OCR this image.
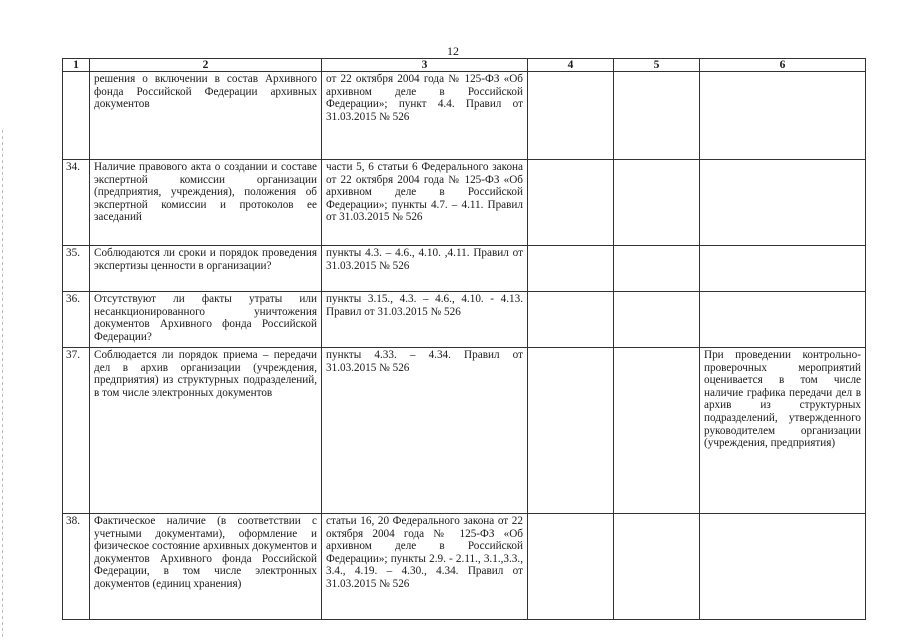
12
1	2	3	4	5	6
	решения о включении в состав Архивного фонда Российской Федерации архивных документов	от 22 октября 2004 года № 125-ФЗ «Об архивном деле в Российской Федерации»; пункт 4.4. Правил от 31.03.2015 № 526			
34.	Наличие правового акта о создании и составе экспертной комиссии организации (предприятия, учреждения), положения об экспертной комиссии и протоколов ее заседаний	части 5, 6 статьи 6 Федерального закона от 22 октября 2004 года № 125-ФЗ «Об архивном деле в Российской Федерации»; пункты 4.7. – 4.11. Правил от 31.03.2015 № 526			
35.	Соблюдаются ли сроки и порядок проведения экспертизы ценности в организации?	пункты 4.3. – 4.6., 4.10. ,4.11. Правил от 31.03.2015 № 526			
36.	Отсутствуют ли факты утраты или несанкционированного уничтожения документов Архивного фонда Российской Федерации?	пункты 3.15., 4.3. – 4.6., 4.10. - 4.13. Правил от 31.03.2015 № 526			
37.	Соблюдается ли порядок приема – передачи дел в архив организации (учреждения, предприятия) из структурных подразделений, в том числе электронных документов	пункты 4.33. – 4.34. Правил от 31.03.2015 № 526			При проведении контрольно-проверочных мероприятий оценивается в том числе наличие графика передачи дел в архив из структурных подразделений, утвержденного руководителем организации (учреждения, предприятия)
38.	Фактическое наличие (в соответствии с учетными документами), оформление и физическое состояние архивных документов и документов Архивного фонда Российской Федерации, в том числе электронных документов (единиц хранения)	статьи 16, 20 Федерального закона от 22 октября 2004 года № 125-ФЗ «Об архивном деле в Российской Федерации»; пункты 2.9. - 2.11., 3.1.,3.3., 3.4., 4.19. – 4.30., 4.34. Правил от 31.03.2015 № 526			
